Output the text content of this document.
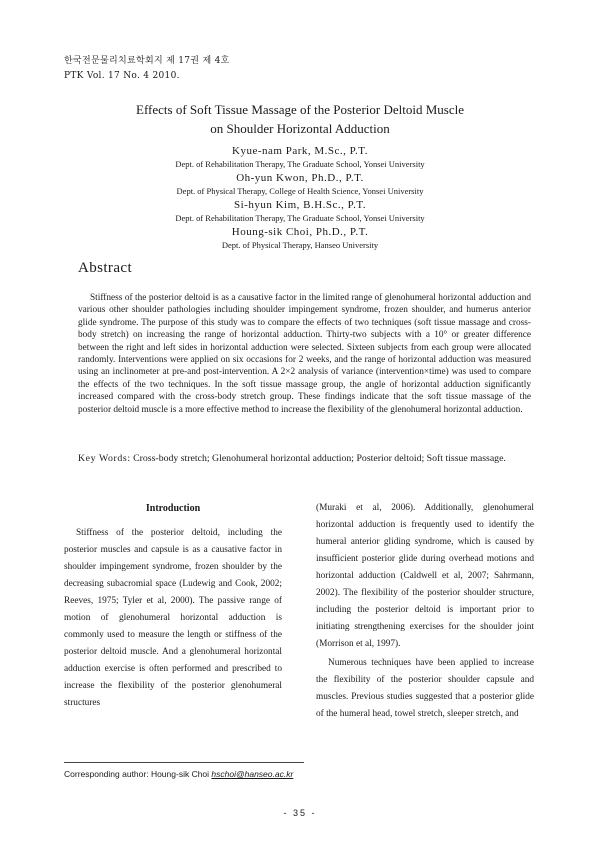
한국전문물리치료학회지 제 17권 제 4호
PTK Vol. 17 No. 4 2010.
Effects of Soft Tissue Massage of the Posterior Deltoid Muscle
on Shoulder Horizontal Adduction
Kyue-nam Park, M.Sc., P.T.
Dept. of Rehabilitation Therapy, The Graduate School, Yonsei University
Oh-yun Kwon, Ph.D., P.T.
Dept. of Physical Therapy, College of Health Science, Yonsei University
Si-hyun Kim, B.H.Sc., P.T.
Dept. of Rehabilitation Therapy, The Graduate School, Yonsei University
Houng-sik Choi, Ph.D., P.T.
Dept. of Physical Therapy, Hanseo University
Abstract

Stiffness of the posterior deltoid is as a causative factor in the limited range of glenohumeral horizontal adduction and various other shoulder pathologies including shoulder impingement syndrome, frozen shoulder, and humerus anterior glide syndrome. The purpose of this study was to compare the effects of two techniques (soft tissue massage and cross-body stretch) on increasing the range of horizontal adduction. Thirty-two subjects with a 10° or greater difference between the right and left sides in horizontal adduction were selected. Sixteen subjects from each group were allocated randomly. Interventions were applied on six occasions for 2 weeks, and the range of horizontal adduction was measured using an inclinometer at pre-and post-intervention. A 2×2 analysis of variance (intervention×time) was used to compare the effects of the two techniques. In the soft tissue massage group, the angle of horizontal adduction significantly increased compared with the cross-body stretch group. These findings indicate that the soft tissue massage of the posterior deltoid muscle is a more effective method to increase the flexibility of the glenohumeral horizontal adduction.

Key Words: Cross-body stretch; Glenohumeral horizontal adduction; Posterior deltoid; Soft tissue massage.
Introduction

Stiffness of the posterior deltoid, including the posterior muscles and capsule is as a causative factor in shoulder impingement syndrome, frozen shoulder by the decreasing subacromial space (Ludewig and Cook, 2002; Reeves, 1975; Tyler et al, 2000). The passive range of motion of glenohumeral horizontal adduction is commonly used to measure the length or stiffness of the posterior deltoid muscle. And a glenohumeral horizontal adduction exercise is often performed and prescribed to increase the flexibility of the posterior glenohumeral structures

(Muraki et al, 2006). Additionally, glenohumeral horizontal adduction is frequently used to identify the humeral anterior gliding syndrome, which is caused by insufficient posterior glide during overhead motions and horizontal adduction (Caldwell et al, 2007; Sahrmann, 2002). The flexibility of the posterior shoulder structure, including the posterior deltoid is important prior to initiating strengthening exercises for the shoulder joint (Morrison et al, 1997).

Numerous techniques have been applied to increase the flexibility of the posterior shoulder capsule and muscles. Previous studies suggested that a posterior glide of the humeral head, towel stretch, sleeper stretch, and

Corresponding author: Houng-sik Choi hschoi@hanseo.ac.kr
- 35 -
